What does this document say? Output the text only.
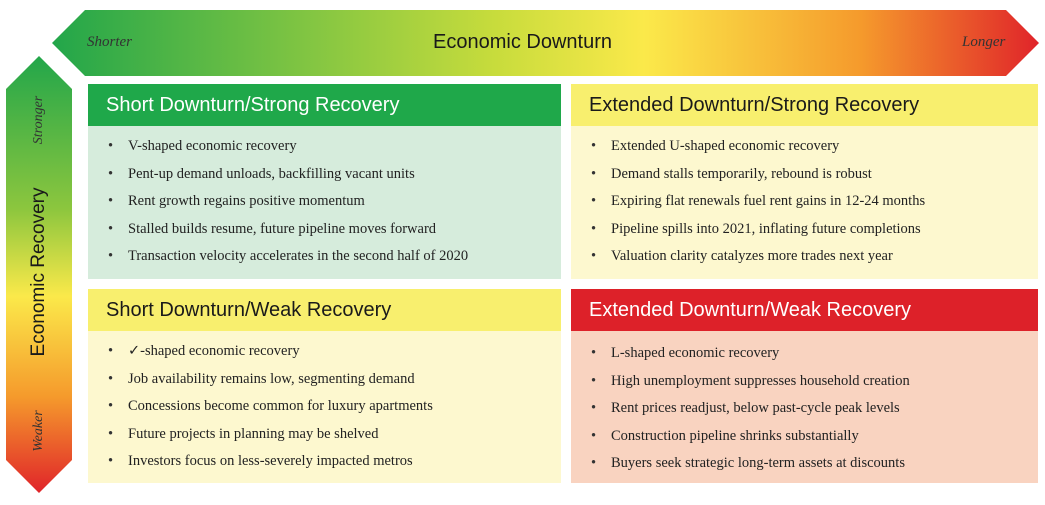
Shorter	Economic Downturn	Longer
Stronger
Economic Recovery
Weaker
Short Downturn/Strong Recovery
• V-shaped economic recovery
• Pent-up demand unloads, backfilling vacant units
• Rent growth regains positive momentum
• Stalled builds resume, future pipeline moves forward
• Transaction velocity accelerates in the second half of 2020
Extended Downturn/Strong Recovery
• Extended U-shaped economic recovery
• Demand stalls temporarily, rebound is robust
• Expiring flat renewals fuel rent gains in 12-24 months
• Pipeline spills into 2021, inflating future completions
• Valuation clarity catalyzes more trades next year
Short Downturn/Weak Recovery
• ✓-shaped economic recovery
• Job availability remains low, segmenting demand
• Concessions become common for luxury apartments
• Future projects in planning may be shelved
• Investors focus on less-severely impacted metros
Extended Downturn/Weak Recovery
• L-shaped economic recovery
• High unemployment suppresses household creation
• Rent prices readjust, below past-cycle peak levels
• Construction pipeline shrinks substantially
• Buyers seek strategic long-term assets at discounts
